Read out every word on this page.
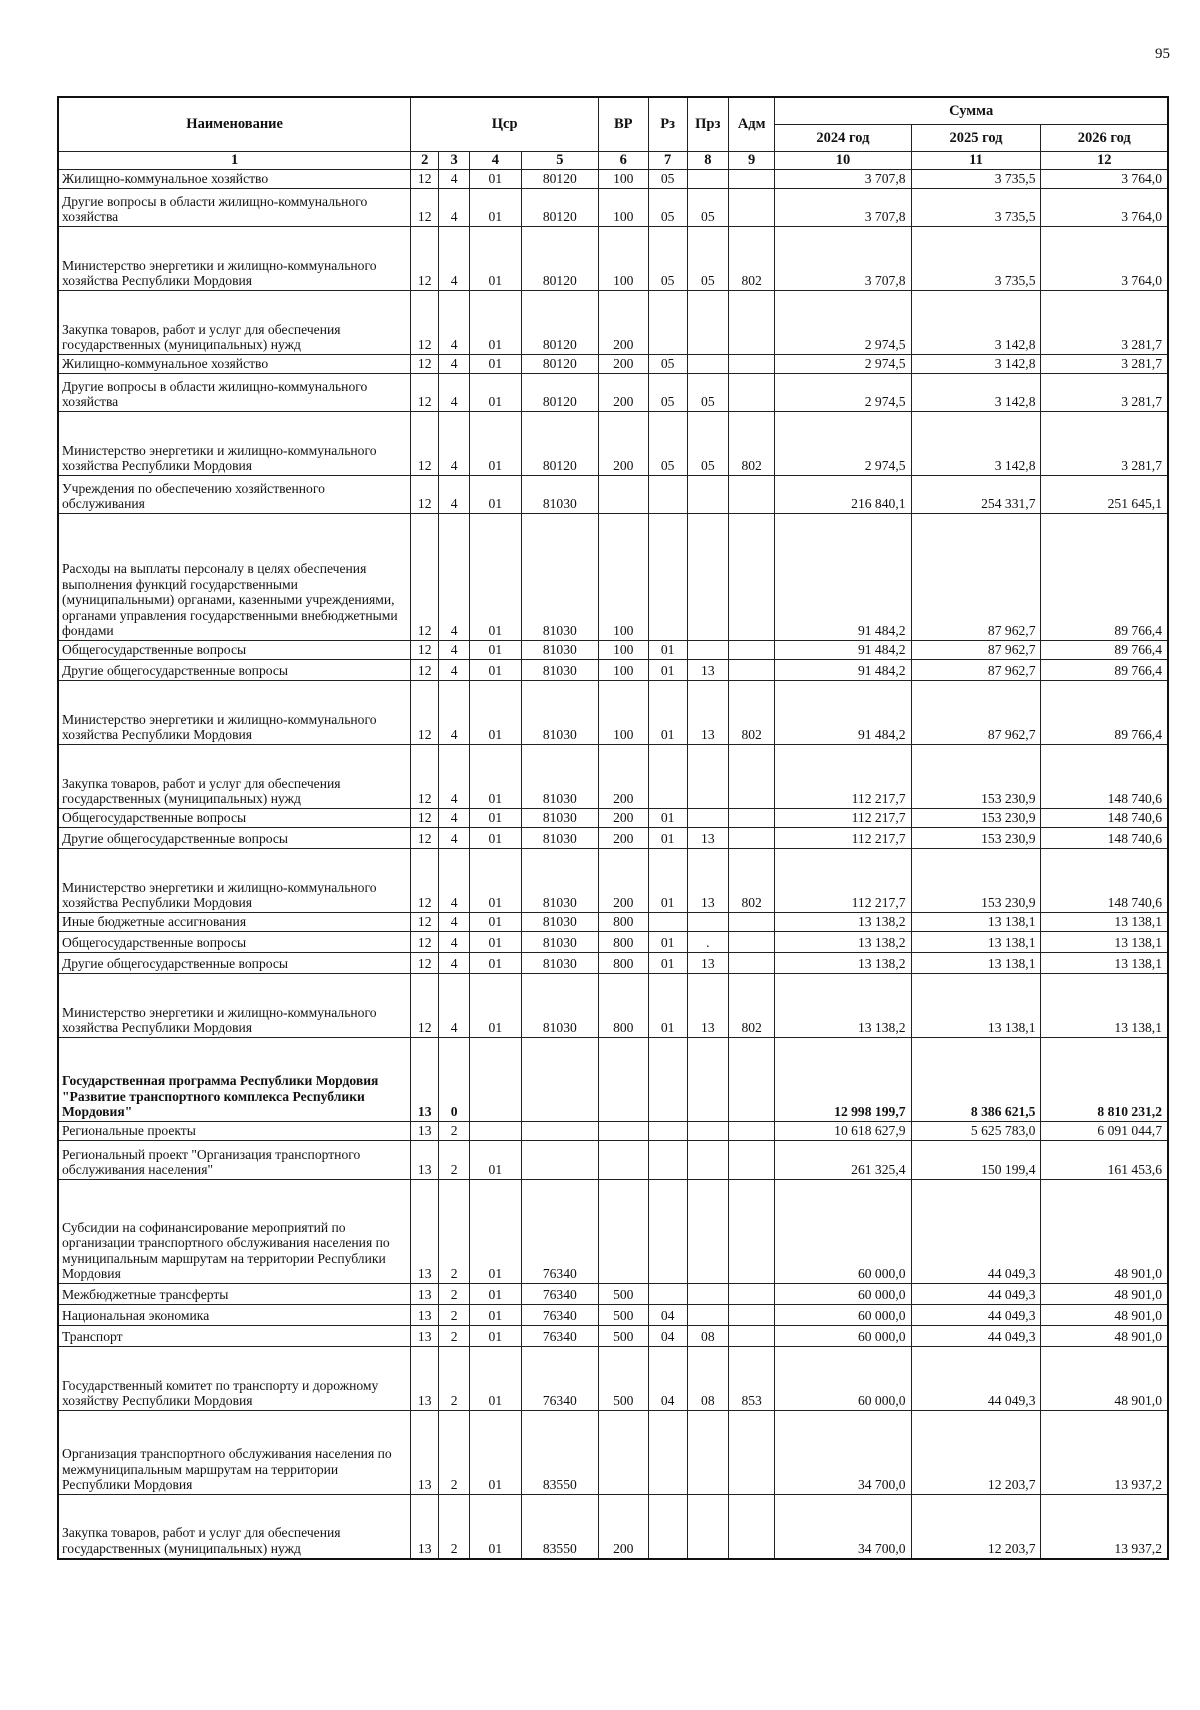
95
Наименование	Цср				ВР	Рз	Прз	Адм	Сумма		
									2024 год	2025 год	2026 год
1	2	3	4	5	6	7	8	9	10	11	12
Жилищно-коммунальное хозяйство	12	4	01	80120	100	05			3 707,8	3 735,5	3 764,0
Другие вопросы в области жилищно-коммунального хозяйства	12	4	01	80120	100	05	05		3 707,8	3 735,5	3 764,0
Министерство энергетики и жилищно-коммунального хозяйства Республики Мордовия	12	4	01	80120	100	05	05	802	3 707,8	3 735,5	3 764,0
Закупка товаров, работ и услуг для обеспечения государственных (муниципальных) нужд	12	4	01	80120	200				2 974,5	3 142,8	3 281,7
Жилищно-коммунальное хозяйство	12	4	01	80120	200	05			2 974,5	3 142,8	3 281,7
Другие вопросы в области жилищно-коммунального хозяйства	12	4	01	80120	200	05	05		2 974,5	3 142,8	3 281,7
Министерство энергетики и жилищно-коммунального хозяйства Республики Мордовия	12	4	01	80120	200	05	05	802	2 974,5	3 142,8	3 281,7
Учреждения по обеспечению хозяйственного обслуживания	12	4	01	81030					216 840,1	254 331,7	251 645,1
Расходы на выплаты персоналу в целях обеспечения выполнения функций государственными (муниципальными) органами, казенными учреждениями, органами управления государственными внебюджетными фондами	12	4	01	81030	100				91 484,2	87 962,7	89 766,4
Общегосударственные вопросы	12	4	01	81030	100	01			91 484,2	87 962,7	89 766,4
Другие общегосударственные вопросы	12	4	01	81030	100	01	13		91 484,2	87 962,7	89 766,4
Министерство энергетики и жилищно-коммунального хозяйства Республики Мордовия	12	4	01	81030	100	01	13	802	91 484,2	87 962,7	89 766,4
Закупка товаров, работ и услуг для обеспечения государственных (муниципальных) нужд	12	4	01	81030	200				112 217,7	153 230,9	148 740,6
Общегосударственные вопросы	12	4	01	81030	200	01			112 217,7	153 230,9	148 740,6
Другие общегосударственные вопросы	12	4	01	81030	200	01	13		112 217,7	153 230,9	148 740,6
Министерство энергетики и жилищно-коммунального хозяйства Республики Мордовия	12	4	01	81030	200	01	13	802	112 217,7	153 230,9	148 740,6
Иные бюджетные ассигнования	12	4	01	81030	800				13 138,2	13 138,1	13 138,1
Общегосударственные вопросы	12	4	01	81030	800	01	.		13 138,2	13 138,1	13 138,1
Другие общегосударственные вопросы	12	4	01	81030	800	01	13		13 138,2	13 138,1	13 138,1
Министерство энергетики и жилищно-коммунального хозяйства Республики Мордовия	12	4	01	81030	800	01	13	802	13 138,2	13 138,1	13 138,1
Государственная программа Республики Мордовия "Развитие транспортного комплекса Республики Мордовия"	13	0							12 998 199,7	8 386 621,5	8 810 231,2
Региональные проекты	13	2							10 618 627,9	5 625 783,0	6 091 044,7
Региональный проект "Организация транспортного обслуживания населения"	13	2	01						261 325,4	150 199,4	161 453,6
Субсидии на софинансирование мероприятий по организации транспортного обслуживания населения по муниципальным маршрутам на территории Республики Мордовия	13	2	01	76340					60 000,0	44 049,3	48 901,0
Межбюджетные трансферты	13	2	01	76340	500				60 000,0	44 049,3	48 901,0
Национальная экономика	13	2	01	76340	500	04			60 000,0	44 049,3	48 901,0
Транспорт	13	2	01	76340	500	04	08		60 000,0	44 049,3	48 901,0
Государственный комитет по транспорту и дорожному хозяйству Республики Мордовия	13	2	01	76340	500	04	08	853	60 000,0	44 049,3	48 901,0
Организация транспортного обслуживания населения по межмуниципальным маршрутам на территории Республики Мордовия	13	2	01	83550					34 700,0	12 203,7	13 937,2
Закупка товаров, работ и услуг для обеспечения государственных (муниципальных) нужд	13	2	01	83550	200				34 700,0	12 203,7	13 937,2
